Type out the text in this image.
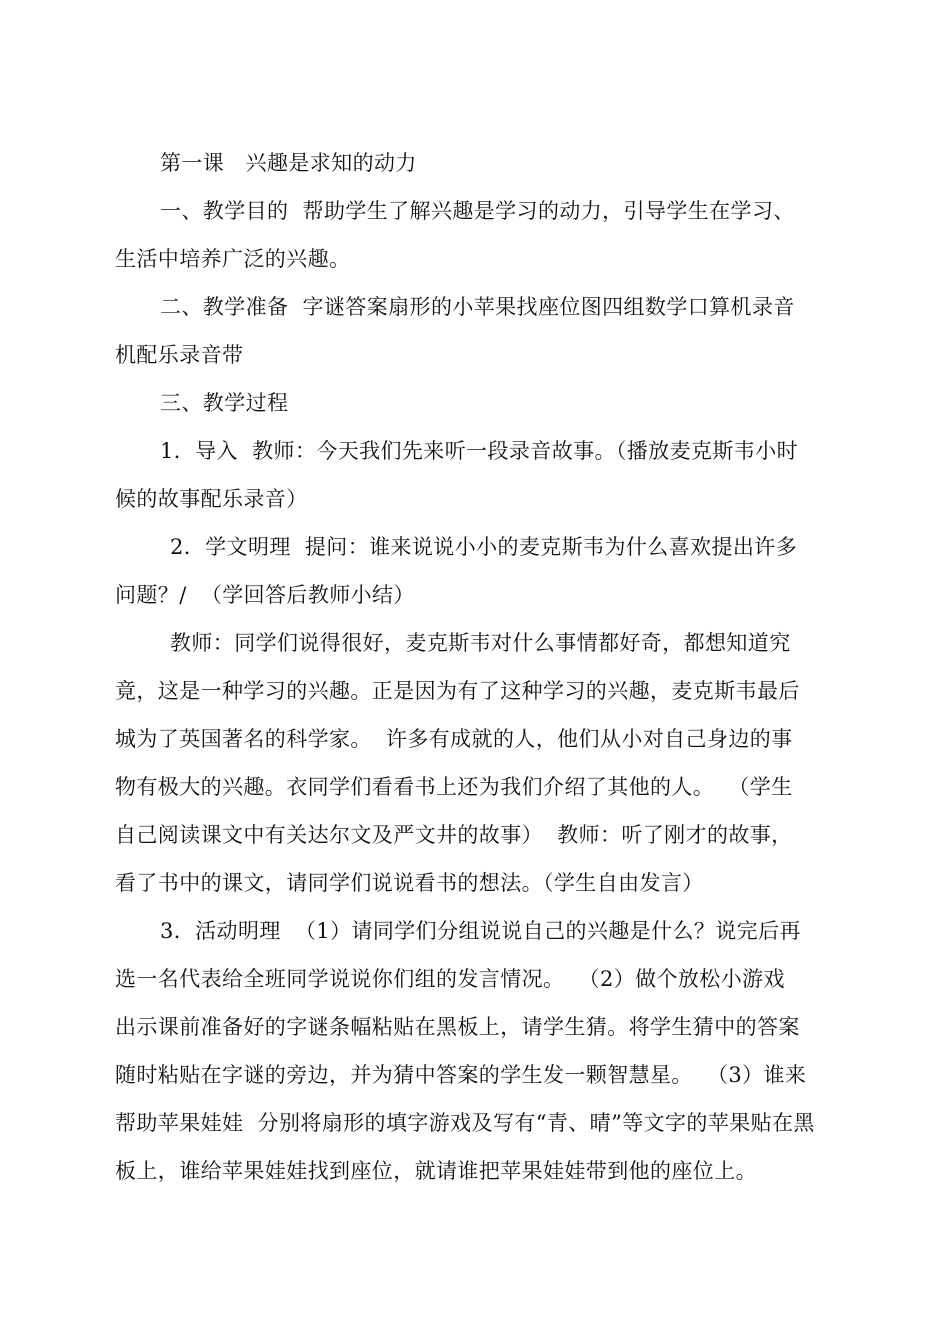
第一课　兴趣是求知的动力
一、教学目的  帮助学生了解兴趣是学习的动力，引导学生在学习、
生活中培养广泛的兴趣。
二、教学准备  字谜答案扇形的小苹果找座位图四组数学口算机录音
机配乐录音带
三、教学过程
1．导入  教师：今天我们先来听一段录音故事。（播放麦克斯韦小时
候的故事配乐录音）
2．学文明理  提问：谁来说说小小的麦克斯韦为什么喜欢提出许多
问题？/  （学回答后教师小结）
教师：同学们说得很好，麦克斯韦对什么事情都好奇，都想知道究
竟，这是一种学习的兴趣。正是因为有了这种学习的兴趣，麦克斯韦最后
城为了英国著名的科学家。  许多有成就的人，他们从小对自己身边的事
物有极大的兴趣。衣同学们看看书上还为我们介绍了其他的人。  （学生
自己阅读课文中有关达尔文及严文井的故事）  教师：听了刚才的故事，
看了书中的课文，请同学们说说看书的想法。（学生自由发言）
3．活动明理  （1）请同学们分组说说自己的兴趣是什么？说完后再
选一名代表给全班同学说说你们组的发言情况。  （2）做个放松小游戏
出示课前准备好的字谜条幅粘贴在黑板上，请学生猜。将学生猜中的答案
随时粘贴在字谜的旁边，并为猜中答案的学生发一颗智慧星。  （3）谁来
帮助苹果娃娃  分别将扇形的填字游戏及写有“青、晴”等文字的苹果贴在黑
板上，谁给苹果娃娃找到座位，就请谁把苹果娃娃带到他的座位上。
